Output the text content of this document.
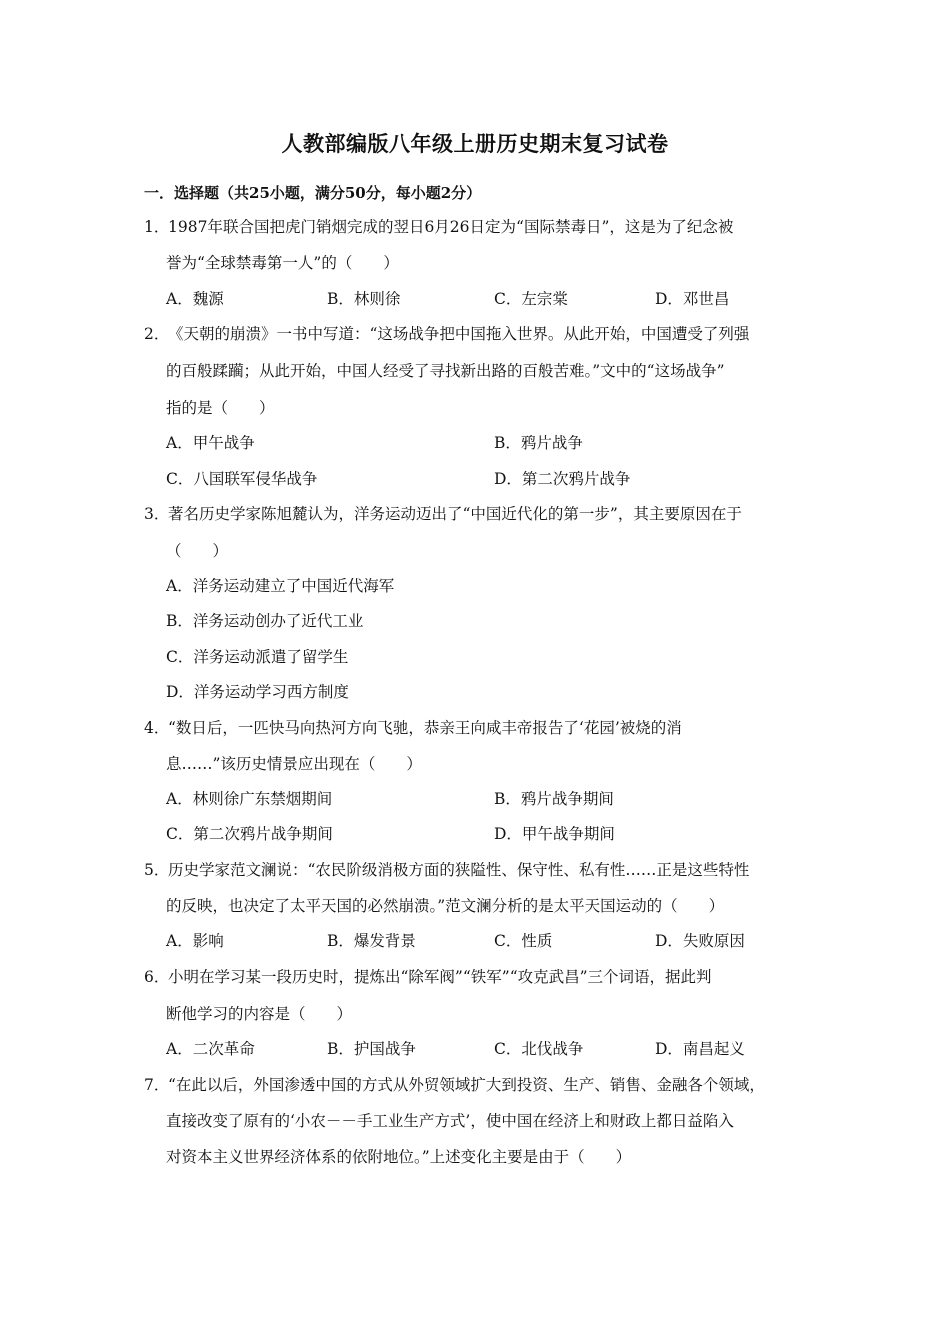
人教部编版八年级上册历史期末复习试卷
一．选择题（共25小题，满分50分，每小题2分）
1．
1987年联合国把虎门销烟完成的翌日6月26日定为“国际禁毒日”，这是为了纪念被
誉为“全球禁毒第一人”的（　　）
A．魏源	B．林则徐	C．左宗棠	D．邓世昌
2．
《天朝的崩溃》一书中写道：“这场战争把中国拖入世界。从此开始，中国遭受了列强
的百般蹂躏；从此开始，中国人经受了寻找新出路的百般苦难。”文中的“这场战争”
指的是（　　）
A．甲午战争	B．鸦片战争
C．八国联军侵华战争	D．第二次鸦片战争
3．
著名历史学家陈旭麓认为，洋务运动迈出了“中国近代化的第一步”，其主要原因在于
（　　）
A．洋务运动建立了中国近代海军
B．洋务运动创办了近代工业
C．洋务运动派遣了留学生
D．洋务运动学习西方制度
4．
“数日后，一匹快马向热河方向飞驰，恭亲王向咸丰帝报告了‘花园’被烧的消
息……”该历史情景应出现在（　　）
A．林则徐广东禁烟期间	B．鸦片战争期间
C．第二次鸦片战争期间	D．甲午战争期间
5．
历史学家范文澜说：“农民阶级消极方面的狭隘性、保守性、私有性……正是这些特性
的反映，也决定了太平天国的必然崩溃。”范文澜分析的是太平天国运动的（　　）
A．影响	B．爆发背景	C．性质	D．失败原因
6．
小明在学习某一段历史时，提炼出“除军阀”“铁军”“攻克武昌”三个词语，据此判
断他学习的内容是（　　）
A．二次革命	B．护国战争	C．北伐战争	D．南昌起义
7．
“在此以后，外国渗透中国的方式从外贸领域扩大到投资、生产、销售、金融各个领域，
直接改变了原有的‘小农－－手工业生产方式’，使中国在经济上和财政上都日益陷入
对资本主义世界经济体系的依附地位。”上述变化主要是由于（　　）
